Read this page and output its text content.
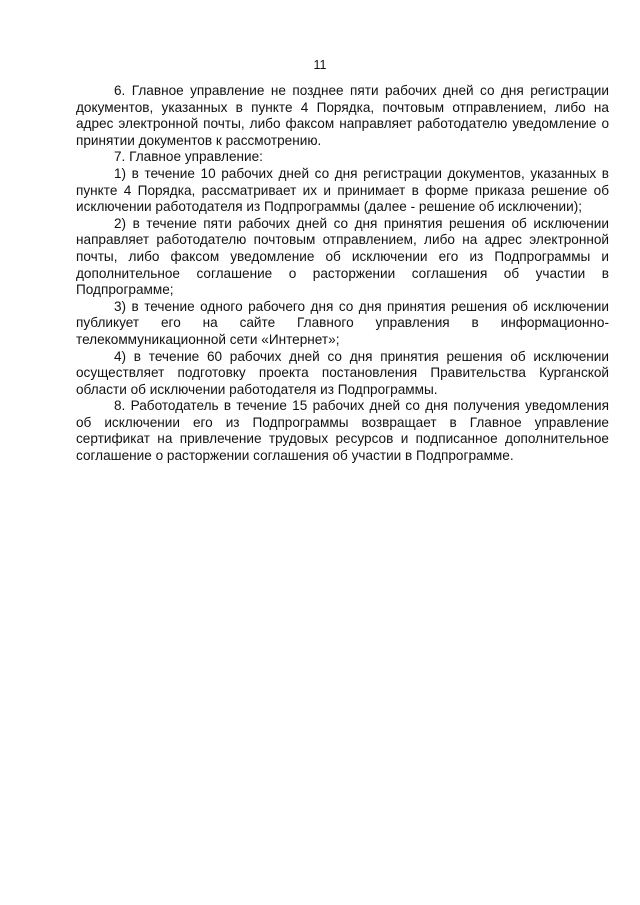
11

6. Главное управление не позднее пяти рабочих дней со дня регистрации документов, указанных в пункте 4 Порядка, почтовым отправлением, либо на адрес электронной почты, либо факсом направляет работодателю уведомление о принятии документов к рассмотрению.

7. Главное управление:

1) в течение 10 рабочих дней со дня регистрации документов, указанных в пункте 4 Порядка, рассматривает их и принимает в форме приказа решение об исключении работодателя из Подпрограммы (далее - решение об исключении);

2) в течение пяти рабочих дней со дня принятия решения об исключении направляет работодателю почтовым отправлением, либо на адрес электронной почты, либо факсом уведомление об исключении его из Подпрограммы и дополнительное соглашение о расторжении соглашения об участии в Подпрограмме;

3) в течение одного рабочего дня со дня принятия решения об исключении публикует его на сайте Главного управления в информационно-телекоммуникационной сети «Интернет»;

4) в течение 60 рабочих дней со дня принятия решения об исключении осуществляет подготовку проекта постановления Правительства Курганской области об исключении работодателя из Подпрограммы.

8. Работодатель в течение 15 рабочих дней со дня получения уведомления об исключении его из Подпрограммы возвращает в Главное управление сертификат на привлечение трудовых ресурсов и подписанное дополнительное соглашение о расторжении соглашения об участии в Подпрограмме.
